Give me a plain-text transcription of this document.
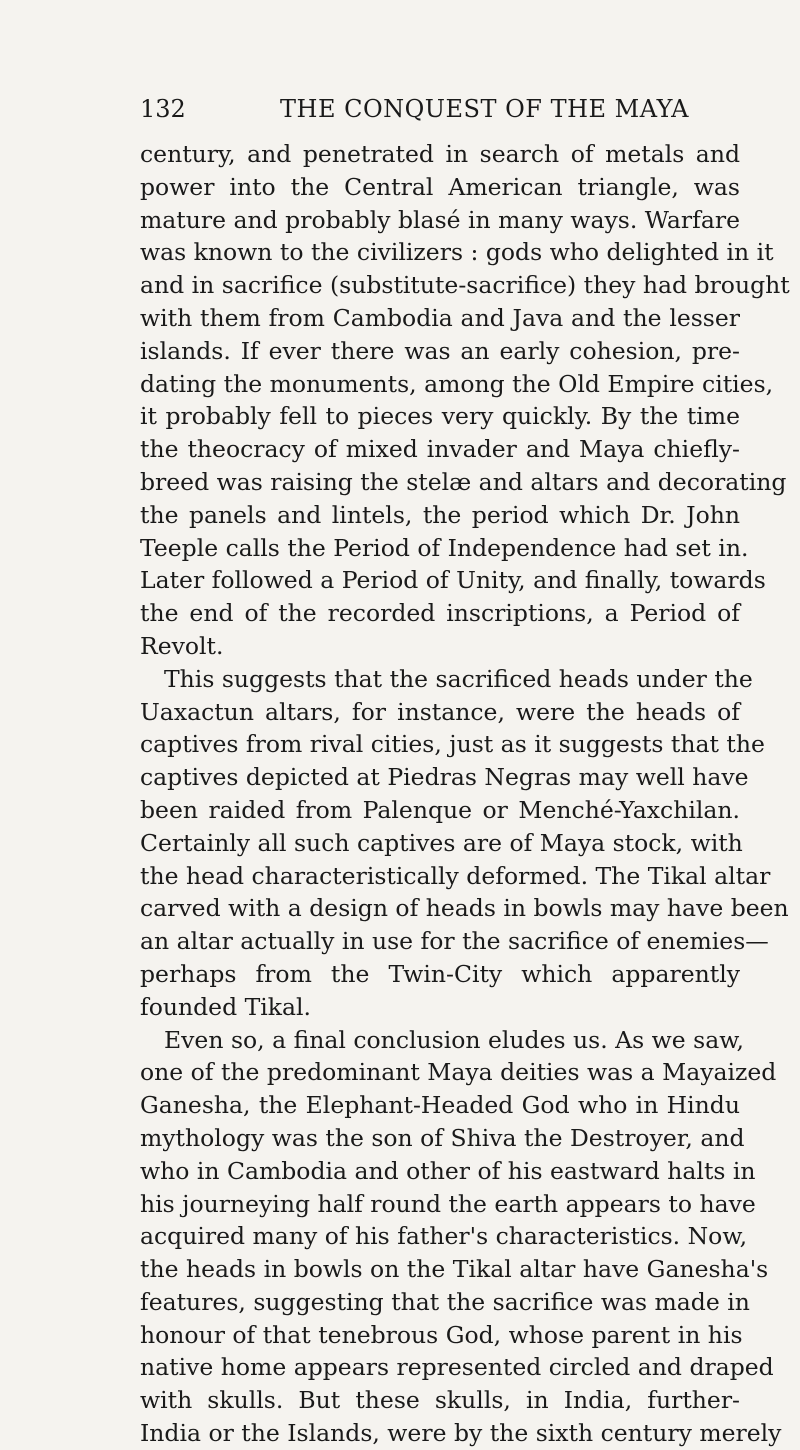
132	THE CONQUEST OF THE MAYA
century, and penetrated in search of metals and
power into the Central American triangle, was
mature and probably blasé in many ways. Warfare
was known to the civilizers : gods who delighted in it
and in sacrifice (substitute-sacrifice) they had brought
with them from Cambodia and Java and the lesser
islands. If ever there was an early cohesion, pre-
dating the monuments, among the Old Empire cities,
it probably fell to pieces very quickly. By the time
the theocracy of mixed invader and Maya chiefly-
breed was raising the stelæ and altars and decorating
the panels and lintels, the period which Dr. John
Teeple calls the Period of Independence had set in.
Later followed a Period of Unity, and finally, towards
the end of the recorded inscriptions, a Period of
Revolt.
This suggests that the sacrificed heads under the
Uaxactun altars, for instance, were the heads of
captives from rival cities, just as it suggests that the
captives depicted at Piedras Negras may well have
been raided from Palenque or Menché-Yaxchilan.
Certainly all such captives are of Maya stock, with
the head characteristically deformed. The Tikal altar
carved with a design of heads in bowls may have been
an altar actually in use for the sacrifice of enemies—
perhaps from the Twin-City which apparently
founded Tikal.
Even so, a final conclusion eludes us. As we saw,
one of the predominant Maya deities was a Mayaized
Ganesha, the Elephant-Headed God who in Hindu
mythology was the son of Shiva the Destroyer, and
who in Cambodia and other of his eastward halts in
his journeying half round the earth appears to have
acquired many of his father's characteristics. Now,
the heads in bowls on the Tikal altar have Ganesha's
features, suggesting that the sacrifice was made in
honour of that tenebrous God, whose parent in his
native home appears represented circled and draped
with skulls. But these skulls, in India, further-
India or the Islands, were by the sixth century merely
